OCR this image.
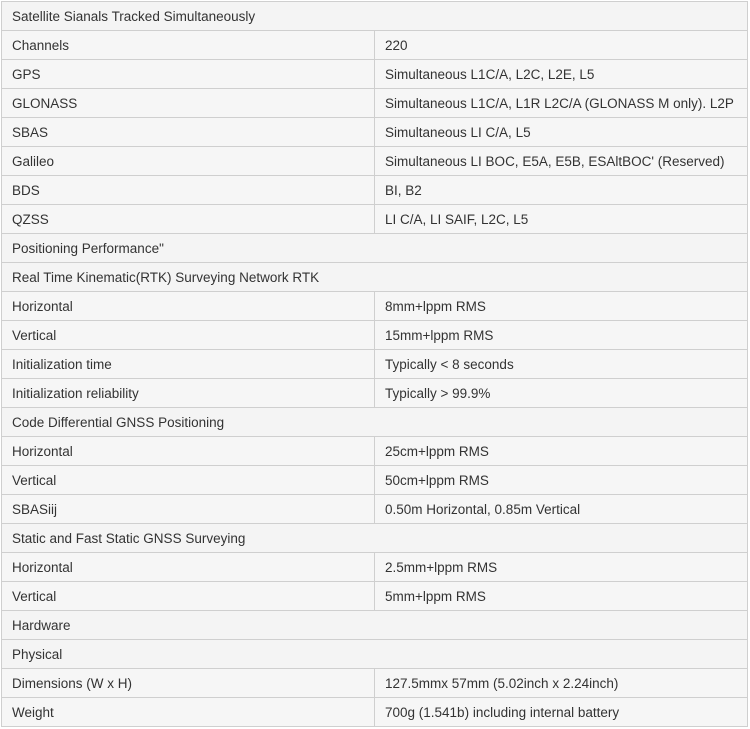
Satellite Sianals Tracked Simultaneously	
Channels	220
GPS	Simultaneous L1C/A, L2C, L2E, L5
GLONASS	Simultaneous L1C/A, L1R L2C/A (GLONASS M only). L2P
SBAS	Simultaneous LI C/A, L5
Galileo	Simultaneous LI BOC, E5A, E5B, ESAltBOC' (Reserved)
BDS	BI, B2
QZSS	LI C/A, LI SAIF, L2C, L5
Positioning Performance"	
Real Time Kinematic(RTK) Surveying Network RTK	
Horizontal	8mm+lppm RMS
Vertical	15mm+lppm RMS
Initialization time	Typically < 8 seconds
Initialization reliability	Typically > 99.9%
Code Differential GNSS Positioning	
Horizontal	25cm+lppm RMS
Vertical	50cm+lppm RMS
SBASiij	0.50m Horizontal, 0.85m Vertical
Static and Fast Static GNSS Surveying	
Horizontal	2.5mm+lppm RMS
Vertical	5mm+lppm RMS
Hardware	
Physical	
Dimensions (W x H)	127.5mmx 57mm (5.02inch x 2.24inch)
Weight	700g (1.541b) including internal battery
